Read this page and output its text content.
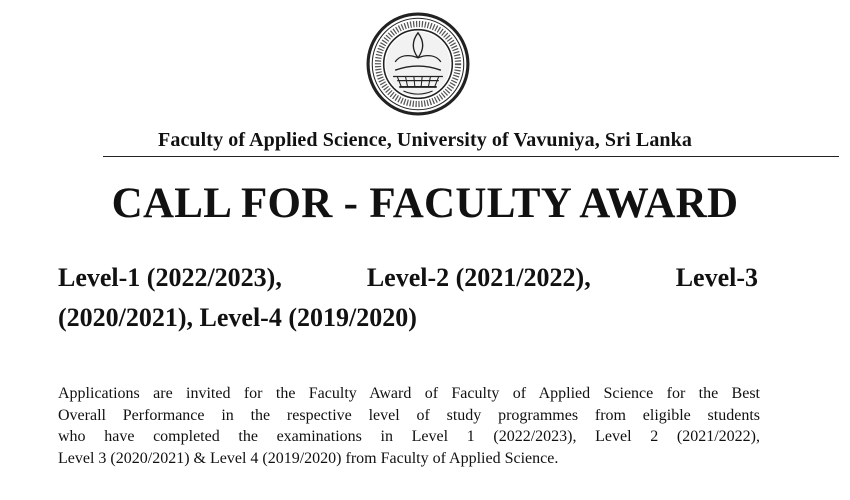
Faculty of Applied Science, University of Vavuniya, Sri Lanka
CALL FOR - FACULTY AWARD
Level-1 (2022/2023),	Level-2 (2021/2022),	Level-3
(2020/2021), Level-4 (2019/2020)
Applications are invited for the Faculty Award of Faculty of Applied Science for the Best
Overall Performance in the respective level of study programmes from eligible students
who have completed the examinations in Level 1 (2022/2023), Level 2 (2021/2022),
Level 3 (2020/2021) & Level 4 (2019/2020) from Faculty of Applied Science.
